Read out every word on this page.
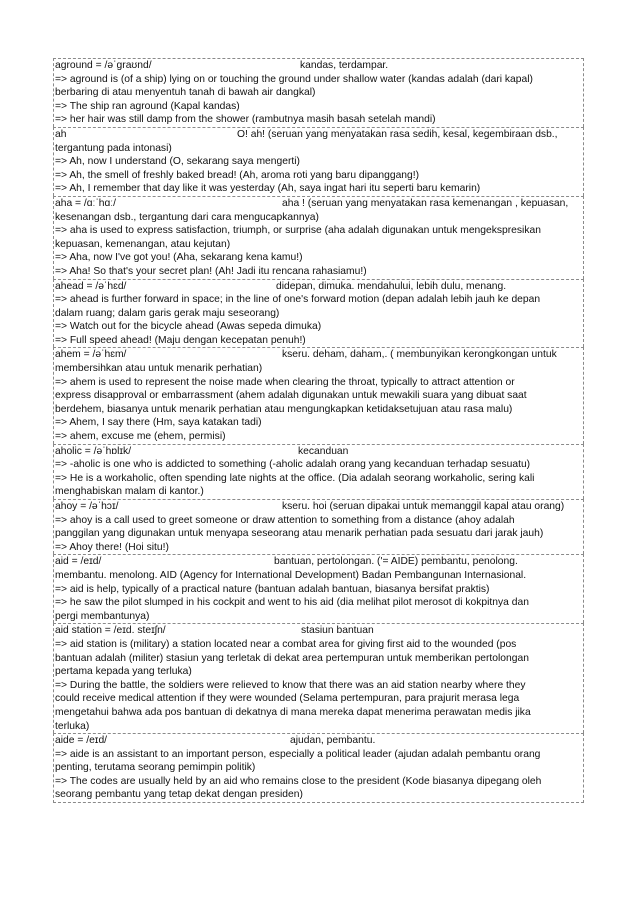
aground = /əˈɡraʊnd/	kandas, terdampar.
=> aground is (of a ship) lying on or touching the ground under shallow water (kandas adalah (dari kapal)
berbaring di atau menyentuh tanah di bawah air dangkal)
=> The ship ran aground (Kapal kandas)
=> her hair was still damp from the shower (rambutnya masih basah setelah mandi)
ah	O! ah! (seruan yang menyatakan rasa sedih, kesal, kegembiraan dsb.,
tergantung pada intonasi)
=> Ah, now I understand (O, sekarang saya mengerti)
=> Ah, the smell of freshly baked bread! (Ah, aroma roti yang baru dipanggang!)
=> Ah, I remember that day like it was yesterday (Ah, saya ingat hari itu seperti baru kemarin)
aha = /ɑːˈhɑː/	aha ! (seruan yang menyatakan rasa kemenangan , kepuasan,
kesenangan dsb., tergantung dari cara mengucapkannya)
=> aha is used to express satisfaction, triumph, or surprise (aha adalah digunakan untuk mengekspresikan
kepuasan, kemenangan, atau kejutan)
=> Aha, now I've got you! (Aha, sekarang kena kamu!)
=> Aha! So that's your secret plan! (Ah! Jadi itu rencana rahasiamu!)
ahead = /əˈhɛd/	didepan, dimuka. mendahului, lebih dulu, menang.
=> ahead is further forward in space; in the line of one's forward motion (depan adalah lebih jauh ke depan
dalam ruang; dalam garis gerak maju seseorang)
=> Watch out for the bicycle ahead (Awas sepeda dimuka)
=> Full speed ahead! (Maju dengan kecepatan penuh!)
ahem = /əˈhɛm/	kseru. deham, daham,. ( membunyikan kerongkongan untuk
membersihkan atau untuk menarik perhatian)
=> ahem is used to represent the noise made when clearing the throat, typically to attract attention or
express disapproval or embarrassment (ahem adalah digunakan untuk mewakili suara yang dibuat saat
berdehem, biasanya untuk menarik perhatian atau mengungkapkan ketidaksetujuan atau rasa malu)
=> Ahem, I say there (Hm, saya katakan tadi)
=> ahem, excuse me (ehem, permisi)
aholic = /əˈhɒlɪk/	kecanduan
=> -aholic is one who is addicted to something (-aholic adalah orang yang kecanduan terhadap sesuatu)
=> He is a workaholic, often spending late nights at the office. (Dia adalah seorang workaholic, sering kali
menghabiskan malam di kantor.)
ahoy = /əˈhɔɪ/	kseru. hoi (seruan dipakai untuk memanggil kapal atau orang)
=> ahoy is a call used to greet someone or draw attention to something from a distance (ahoy adalah
panggilan yang digunakan untuk menyapa seseorang atau menarik perhatian pada sesuatu dari jarak jauh)
=> Ahoy there! (Hoi situ!)
aid = /eɪd/	bantuan, pertolongan. ('= AIDE) pembantu, penolong.
membantu. menolong. AID (Agency for International Development) Badan Pembangunan Internasional.
=> aid is help, typically of a practical nature (bantuan adalah bantuan, biasanya bersifat praktis)
=> he saw the pilot slumped in his cockpit and went to his aid (dia melihat pilot merosot di kokpitnya dan
pergi membantunya)
aid station = /eɪd. steɪʃn/	stasiun bantuan
=> aid station is (military) a station located near a combat area for giving first aid to the wounded (pos
bantuan adalah (militer) stasiun yang terletak di dekat area pertempuran untuk memberikan pertolongan
pertama kepada yang terluka)
=> During the battle, the soldiers were relieved to know that there was an aid station nearby where they
could receive medical attention if they were wounded (Selama pertempuran, para prajurit merasa lega
mengetahui bahwa ada pos bantuan di dekatnya di mana mereka dapat menerima perawatan medis jika
terluka)
aide = /eɪd/	ajudan, pembantu.
=> aide is an assistant to an important person, especially a political leader (ajudan adalah pembantu orang
penting, terutama seorang pemimpin politik)
=> The codes are usually held by an aid who remains close to the president (Kode biasanya dipegang oleh
seorang pembantu yang tetap dekat dengan presiden)
